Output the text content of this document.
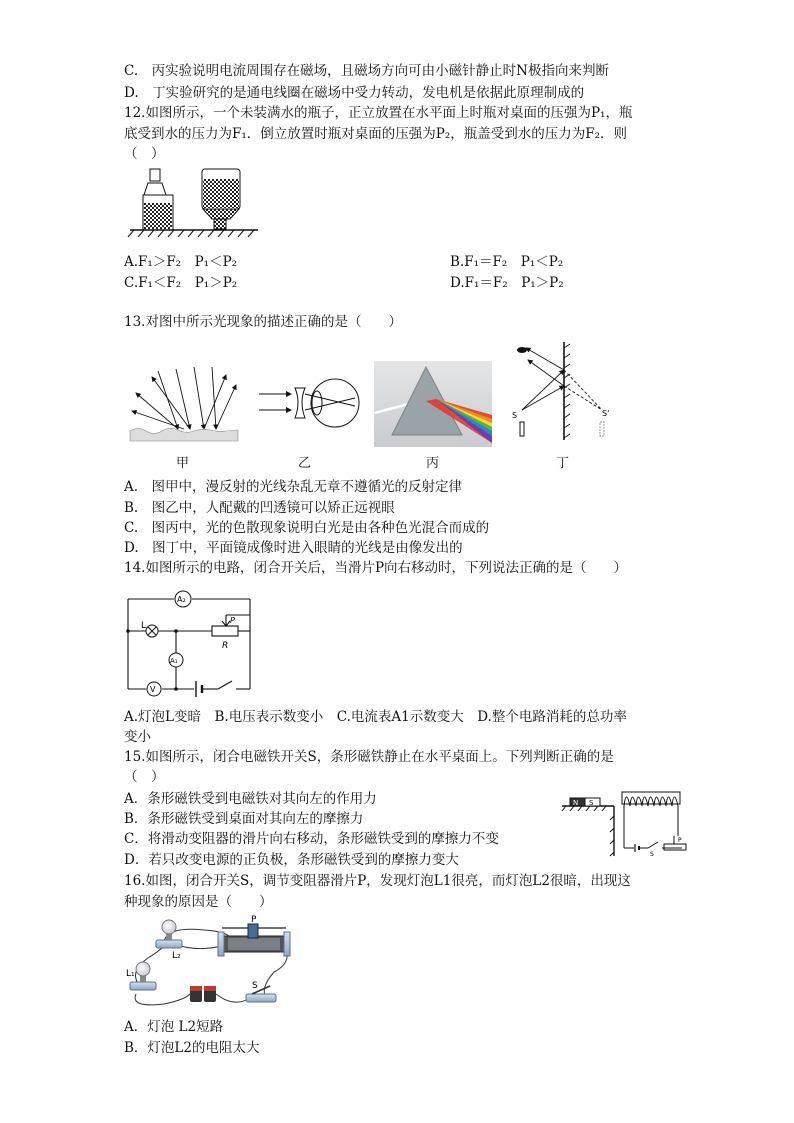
C.　丙实验说明电流周围存在磁场，且磁场方向可由小磁针静止时N极指向来判断
D.　丁实验研究的是通电线圈在磁场中受力转动，发电机是依据此原理制成的
12.如图所示，一个未装满水的瓶子，正立放置在水平面上时瓶对桌面的压强为P₁，瓶
底受到水的压力为F₁．倒立放置时瓶对桌面的压强为P₂，瓶盖受到水的压力为F₂．则
（　）
A.F₁＞F₂　P₁＜P₂	B.F₁＝F₂　P₁＜P₂
C.F₁＜F₂　P₁＞P₂	D.F₁＝F₂　P₁＞P₂
13.对图中所示光现象的描述正确的是（　　）
甲	乙	丙
S	S'
丁
A.　图甲中，漫反射的光线杂乱无章不遵循光的反射定律
B.　图乙中，人配戴的凹透镜可以矫正远视眼
C.　图丙中，光的色散现象说明白光是由各种色光混合而成的
D.　图丁中，平面镜成像时进入眼睛的光线是由像发出的
14.如图所示的电路，闭合开关后，当滑片P向右移动时，下列说法正确的是（　　）
A₂
A₁
V
L
P
R
A.灯泡L变暗　B.电压表示数变小　C.电流表A1示数变大　D.整个电路消耗的总功率
变小
15.如图所示，闭合电磁铁开关S，条形磁铁静止在水平桌面上。下列判断正确的是
（　）
A．条形磁铁受到电磁铁对其向左的作用力
B．条形磁铁受到桌面对其向左的摩擦力
C．将滑动变阻器的滑片向右移动，条形磁铁受到的摩擦力不变
D．若只改变电源的正负极，条形磁铁受到的摩擦力变大
N S
S
P
16.如图，闭合开关S，调节变阻器滑片P，发现灯泡L1很亮，而灯泡L2很暗，出现这
种现象的原因是（　　）
P
L₂
L₁
S
A．灯泡 L2短路
B．灯泡L2的电阻太大
